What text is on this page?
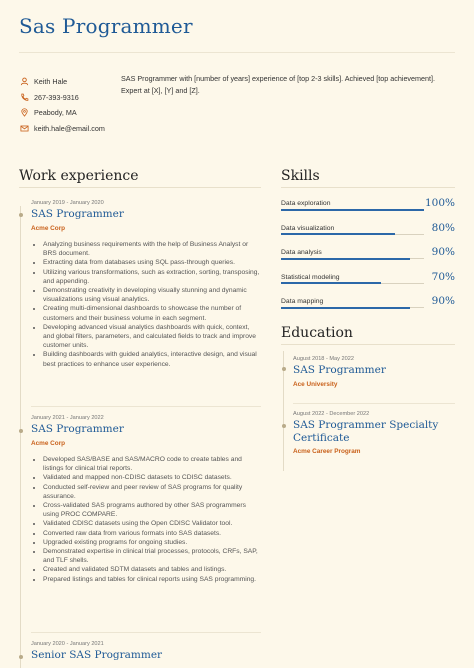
Sas Programmer
Keith Hale
267-393-9316
Peabody, MA
keith.hale@email.com
SAS Programmer with [number of years] experience of [top 2-3 skills]. Achieved [top achievement]. Expert at [X], [Y] and [Z].
Work experience
January 2019 - January 2020
SAS Programmer
Acme Corp
• Analyzing business requirements with the help of Business Analyst or BRS document.
• Extracting data from databases using SQL pass-through queries.
• Utilizing various transformations, such as extraction, sorting, transposing, and appending.
• Demonstrating creativity in developing visually stunning and dynamic visualizations using visual analytics.
• Creating multi-dimensional dashboards to showcase the number of customers and their business volume in each segment.
• Developing advanced visual analytics dashboards with quick, context, and global filters, parameters, and calculated fields to track and improve customer units.
• Building dashboards with guided analytics, interactive design, and visual best practices to enhance user experience.
January 2021 - January 2022
SAS Programmer
Acme Corp
• Developed SAS/BASE and SAS/MACRO code to create tables and listings for clinical trial reports.
• Validated and mapped non-CDISC datasets to CDISC datasets.
• Conducted self-review and peer review of SAS programs for quality assurance.
• Cross-validated SAS programs authored by other SAS programmers using PROC COMPARE.
• Validated CDISC datasets using the Open CDISC Validator tool.
• Converted raw data from various formats into SAS datasets.
• Upgraded existing programs for ongoing studies.
• Demonstrated expertise in clinical trial processes, protocols, CRFs, SAP, and TLF shells.
• Created and validated SDTM datasets and tables and listings.
• Prepared listings and tables for clinical reports using SAS programming.
January 2020 - January 2021
Senior SAS Programmer
Skills
Data exploration	100%
Data visualization	80%
Data analysis	90%
Statistical modeling	70%
Data mapping	90%
Education
August 2018 - May 2022
SAS Programmer
Ace University
August 2022 - December 2022
SAS Programmer Specialty Certificate
Acme Career Program
